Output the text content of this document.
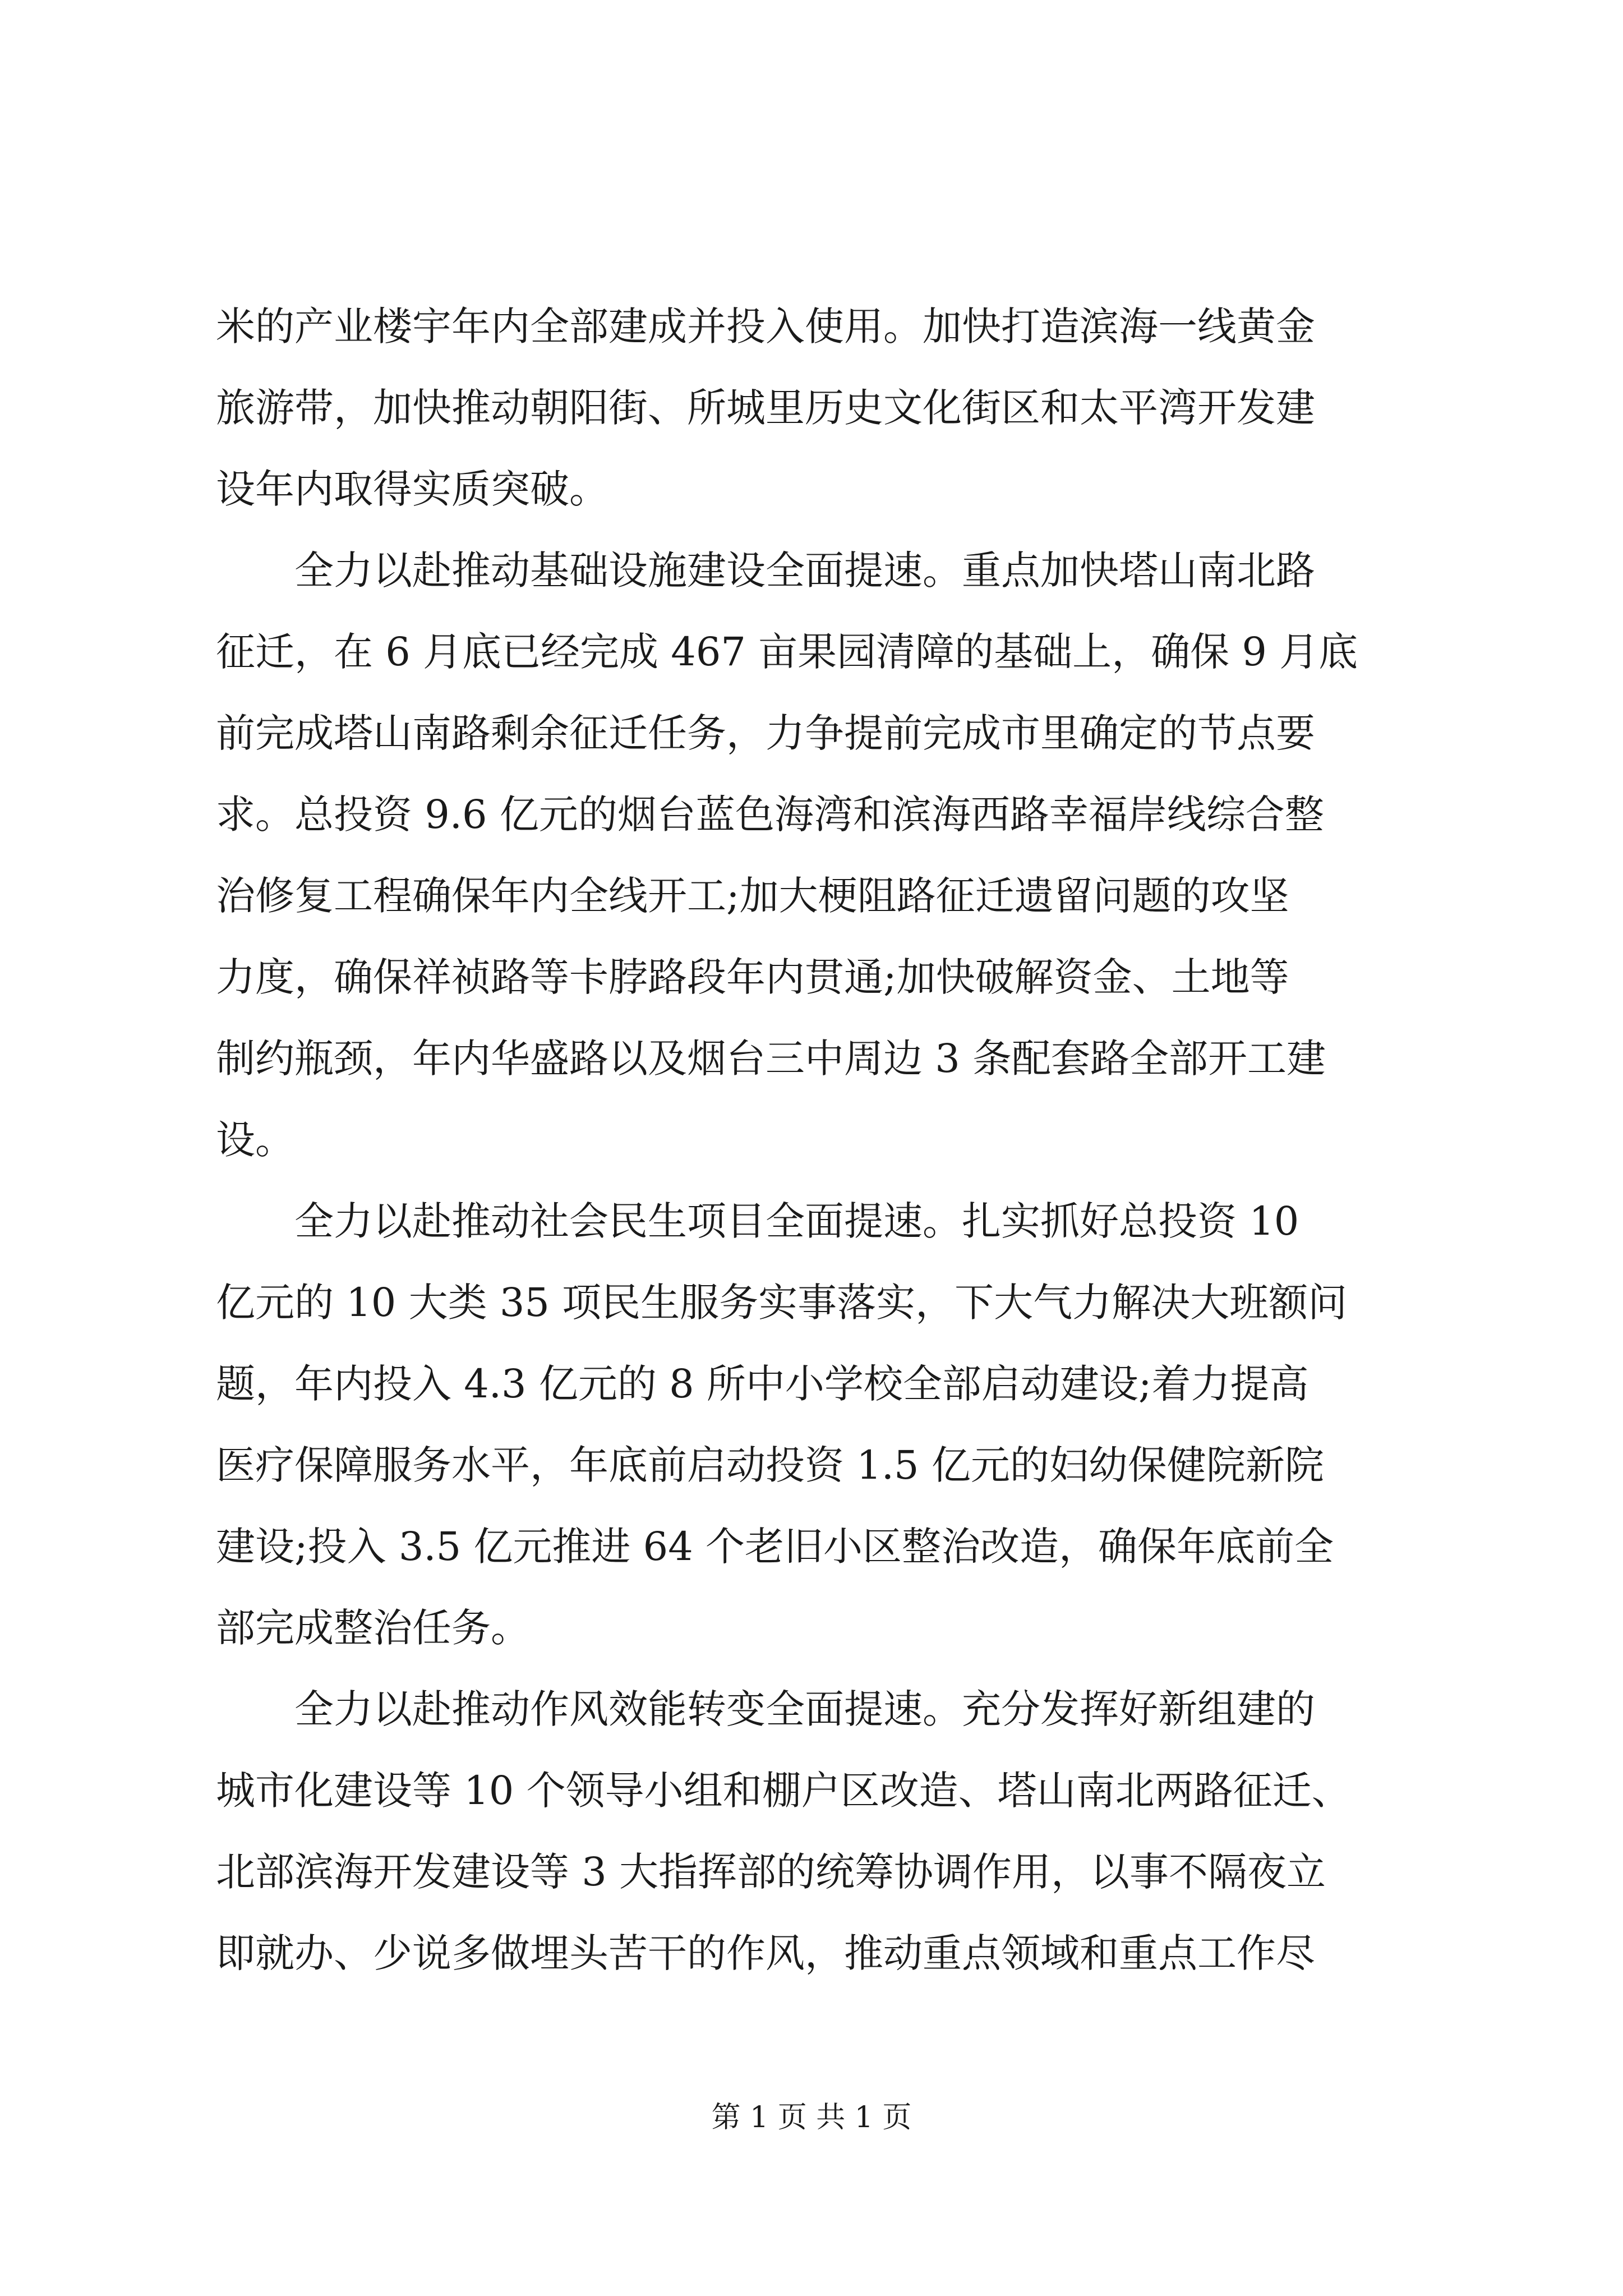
米的产业楼宇年内全部建成并投入使用。加快打造滨海一线黄金
旅游带，加快推动朝阳街、所城里历史文化街区和太平湾开发建
设年内取得实质突破。
　　全力以赴推动基础设施建设全面提速。重点加快塔山南北路
征迁，在 6 月底已经完成 467 亩果园清障的基础上，确保 9 月底
前完成塔山南路剩余征迁任务，力争提前完成市里确定的节点要
求。总投资 9.6 亿元的烟台蓝色海湾和滨海西路幸福岸线综合整
治修复工程确保年内全线开工;加大梗阻路征迁遗留问题的攻坚
力度，确保祥祯路等卡脖路段年内贯通;加快破解资金、土地等
制约瓶颈，年内华盛路以及烟台三中周边 3 条配套路全部开工建
设。
　　全力以赴推动社会民生项目全面提速。扎实抓好总投资 10
亿元的 10 大类 35 项民生服务实事落实，下大气力解决大班额问
题，年内投入 4.3 亿元的 8 所中小学校全部启动建设;着力提高
医疗保障服务水平，年底前启动投资 1.5 亿元的妇幼保健院新院
建设;投入 3.5 亿元推进 64 个老旧小区整治改造，确保年底前全
部完成整治任务。
　　全力以赴推动作风效能转变全面提速。充分发挥好新组建的
城市化建设等 10 个领导小组和棚户区改造、塔山南北两路征迁、
北部滨海开发建设等 3 大指挥部的统筹协调作用，以事不隔夜立
即就办、少说多做埋头苦干的作风，推动重点领域和重点工作尽
第 1 页 共 1 页
